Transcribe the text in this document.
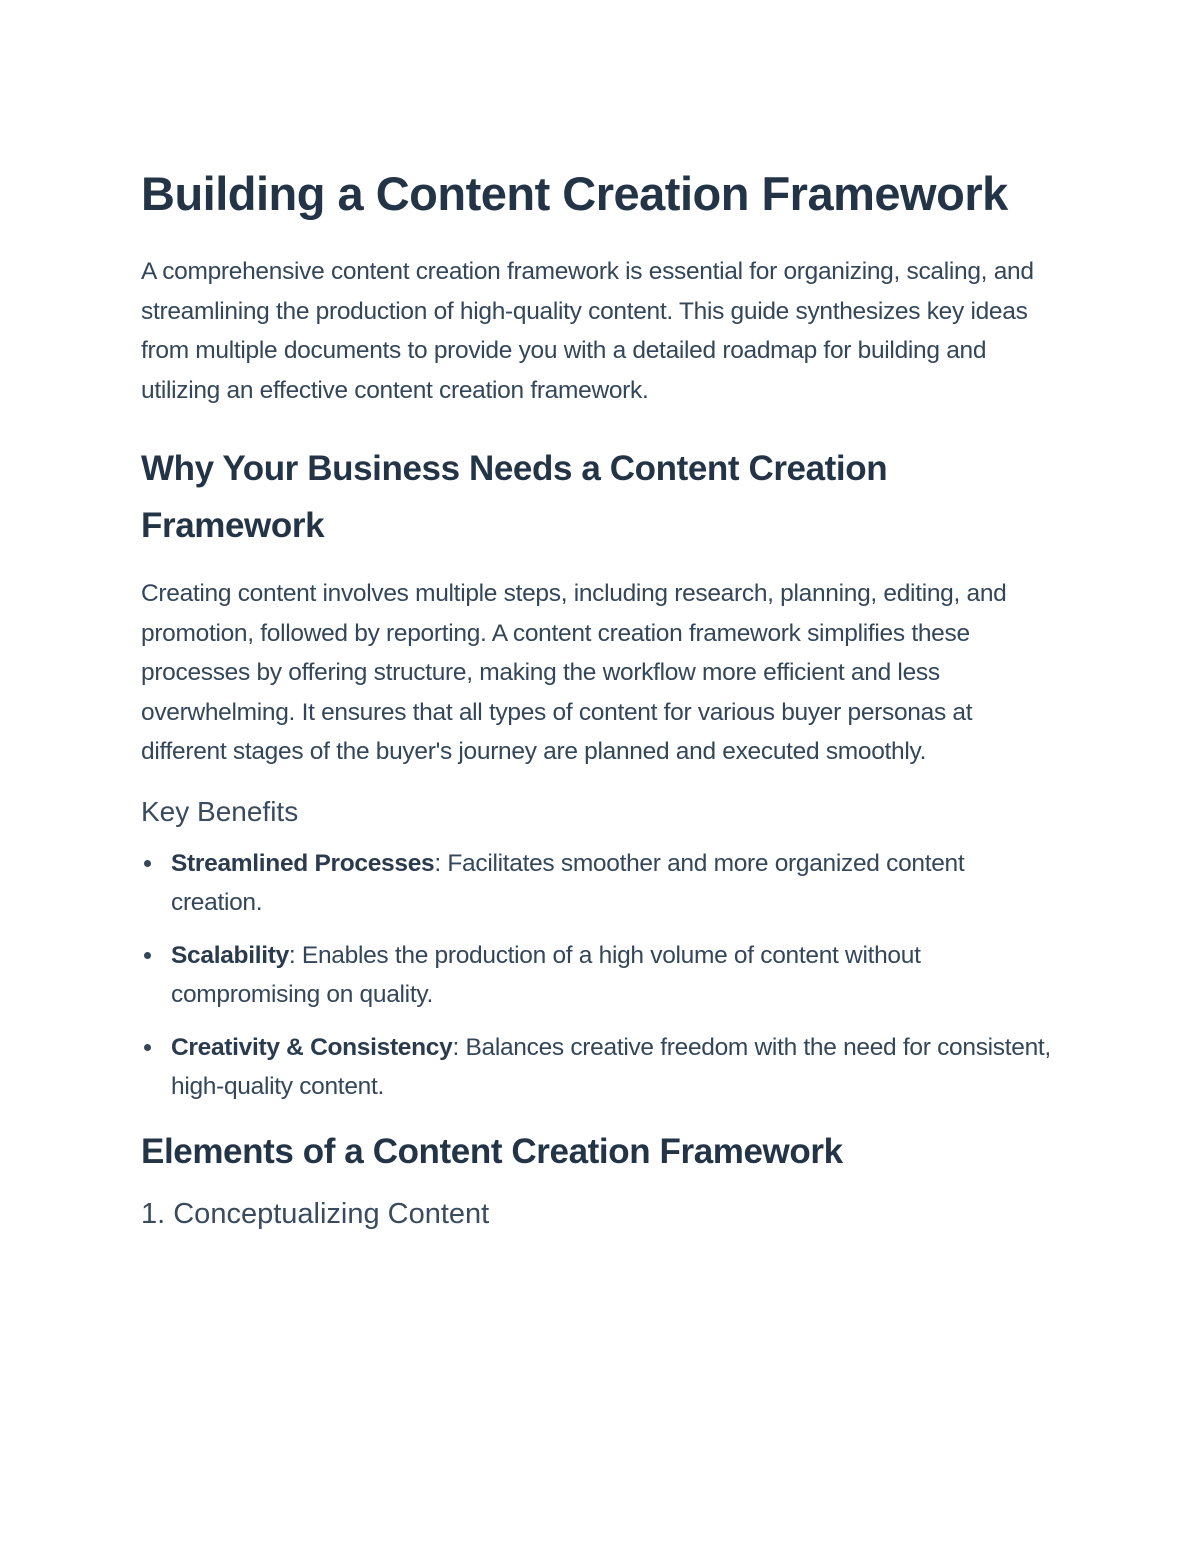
Building a Content Creation Framework

A comprehensive content creation framework is essential for organizing, scaling, and streamlining the production of high-quality content. This guide synthesizes key ideas from multiple documents to provide you with a detailed roadmap for building and utilizing an effective content creation framework.

Why Your Business Needs a Content Creation Framework

Creating content involves multiple steps, including research, planning, editing, and promotion, followed by reporting. A content creation framework simplifies these processes by offering structure, making the workflow more efficient and less overwhelming. It ensures that all types of content for various buyer personas at different stages of the buyer's journey are planned and executed smoothly.

Key Benefits
Streamlined Processes: Facilitates smoother and more organized content creation.
Scalability: Enables the production of a high volume of content without compromising on quality.
Creativity & Consistency: Balances creative freedom with the need for consistent, high-quality content.
Elements of a Content Creation Framework
1. Conceptualizing Content
